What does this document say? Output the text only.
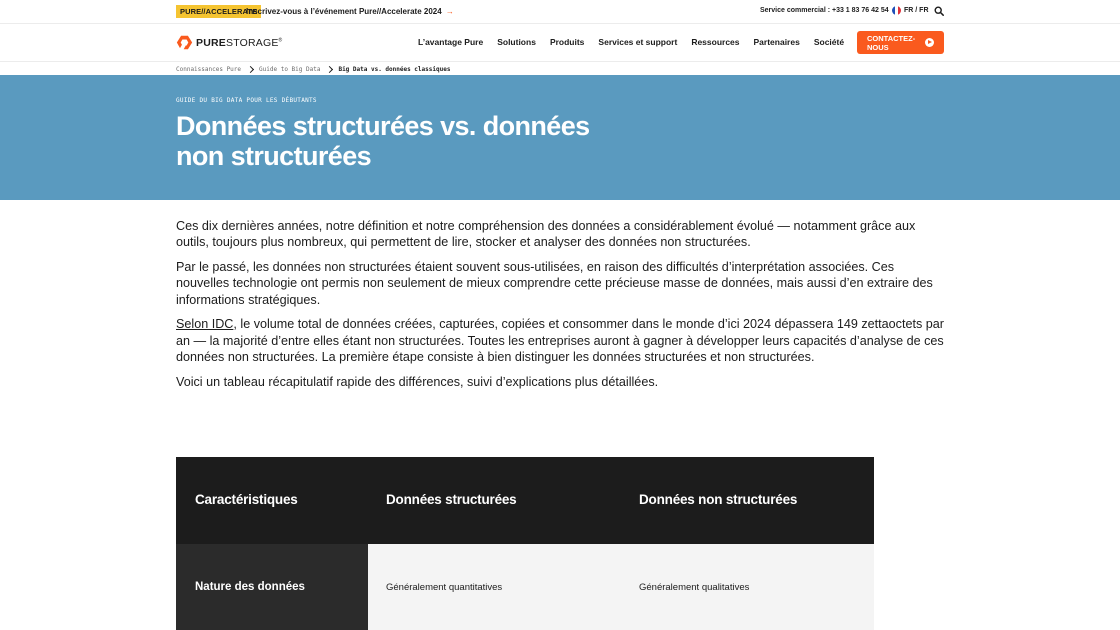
PURE//ACCELERATE
Inscrivez-vous à l’événement Pure//Accelerate 2024 →	Service commercial : +33 1 83 76 42 54 FR / FR
PURESTORAGE®	L’avantage Pure Solutions Produits Services et support Ressources Partenaires Société	CONTACTEZ-
NOUS
Connaissances Pure	Guide to Big Data	Big Data vs. données classiques
GUIDE DU BIG DATA POUR LES DÉBUTANTS
Données structurées vs. données non structurées

Ces dix dernières années, notre définition et notre compréhension des données a considérablement évolué — notamment grâce aux outils, toujours plus nombreux, qui permettent de lire, stocker et analyser des données non structurées.

Par le passé, les données non structurées étaient souvent sous-utilisées, en raison des difficultés d’interprétation associées. Ces nouvelles technologie ont permis non seulement de mieux comprendre cette précieuse masse de données, mais aussi d’en extraire des informations stratégiques.

Selon IDC, le volume total de données créées, capturées, copiées et consommer dans le monde d’ici 2024 dépassera 149 zettaoctets par an — la majorité d’entre elles étant non structurées. Toutes les entreprises auront à gagner à développer leurs capacités d’analyse de ces données non structurées. La première étape consiste à bien distinguer les données structurées et non structurées.

Voici un tableau récapitulatif rapide des différences, suivi d’explications plus détaillées.

Caractéristiques	Données structurées	Données non structurées
Nature des données	Généralement quantitatives	Généralement qualitatives
